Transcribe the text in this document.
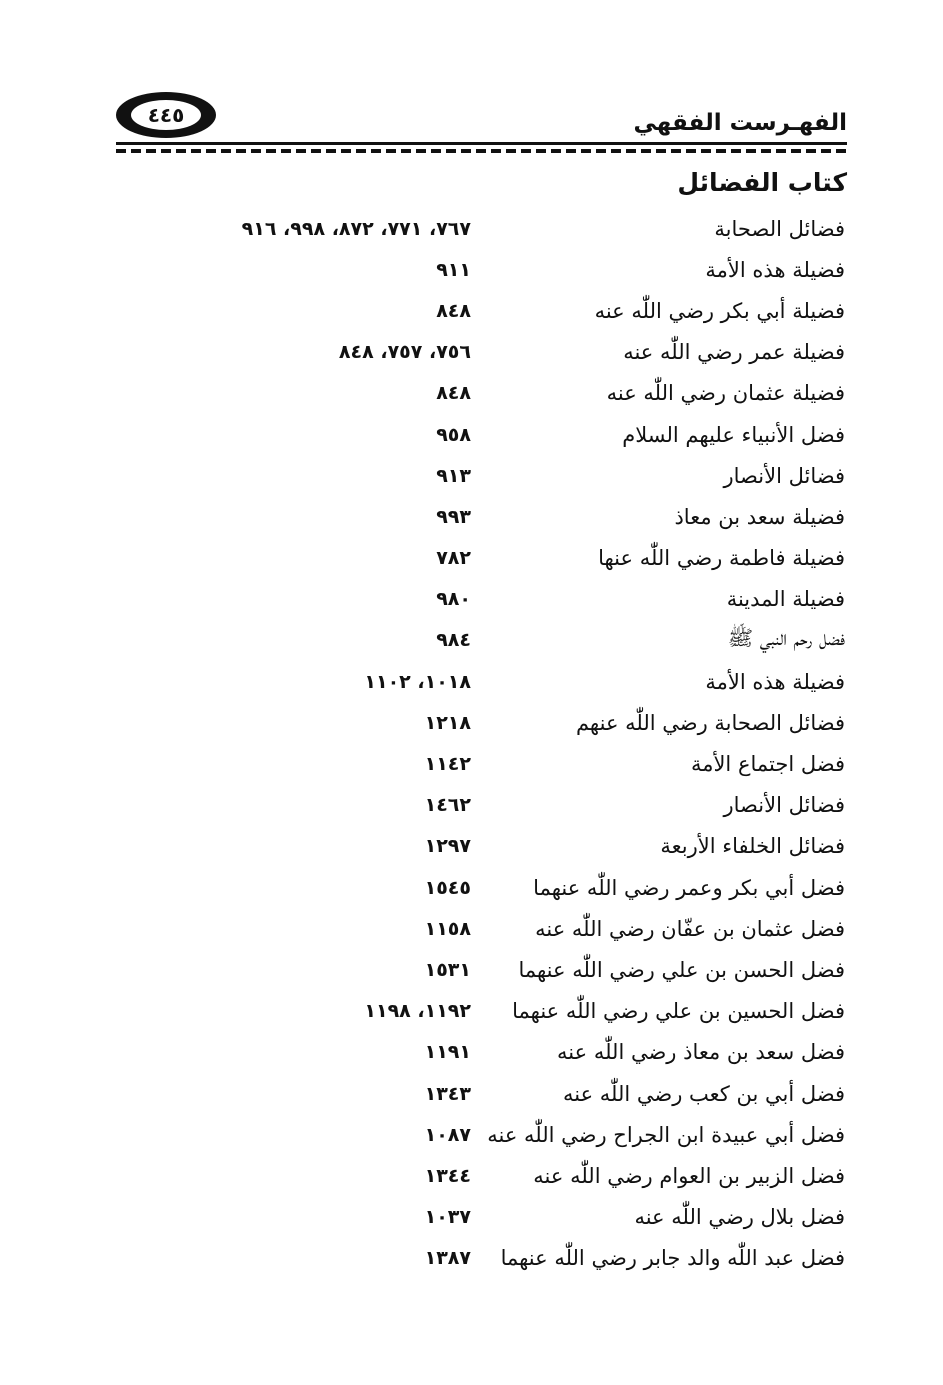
٤٤٥	الفهـرست الفقهي
كتاب الفضائل
فضائل الصحابة
٧٦٧، ٧٧١، ٨٧٢، ٩٩٨، ٩١٦
فضيلة هذه الأمة
٩١١
فضيلة أبي بكر رضي اللّٰه عنه
٨٤٨
فضيلة عمر رضي اللّٰه عنه
٧٥٦، ٧٥٧، ٨٤٨
فضيلة عثمان رضي اللّٰه عنه
٨٤٨
فضل الأنبياء عليهم السلام
٩٥٨
فضائل الأنصار
٩١٣
فضيلة سعد بن معاذ
٩٩٣
فضيلة فاطمة رضي اللّٰه عنها
٧٨٢
فضيلة المدينة
٩٨٠
فضل رحم النبي ﷺ
٩٨٤
فضيلة هذه الأمة
١٠١٨، ١١٠٢
فضائل الصحابة رضي اللّٰه عنهم
١٢١٨
فضل اجتماع الأمة
١١٤٢
فضائل الأنصار
١٤٦٢
فضائل الخلفاء الأربعة
١٢٩٧
فضل أبي بكر وعمر رضي اللّٰه عنهما
١٥٤٥
فضل عثمان بن عفّان رضي اللّٰه عنه
١١٥٨
فضل الحسن بن علي رضي اللّٰه عنهما
١٥٣١
فضل الحسين بن علي رضي اللّٰه عنهما
١١٩٢، ١١٩٨
فضل سعد بن معاذ رضي اللّٰه عنه
١١٩١
فضل أبي بن كعب رضي اللّٰه عنه
١٣٤٣
فضل أبي عبيدة ابن الجراح رضي اللّٰه عنه
١٠٨٧
فضل الزبير بن العوام رضي اللّٰه عنه
١٣٤٤
فضل بلال رضي اللّٰه عنه
١٠٣٧
فضل عبد اللّٰه والد جابر رضي اللّٰه عنهما
١٣٨٧
